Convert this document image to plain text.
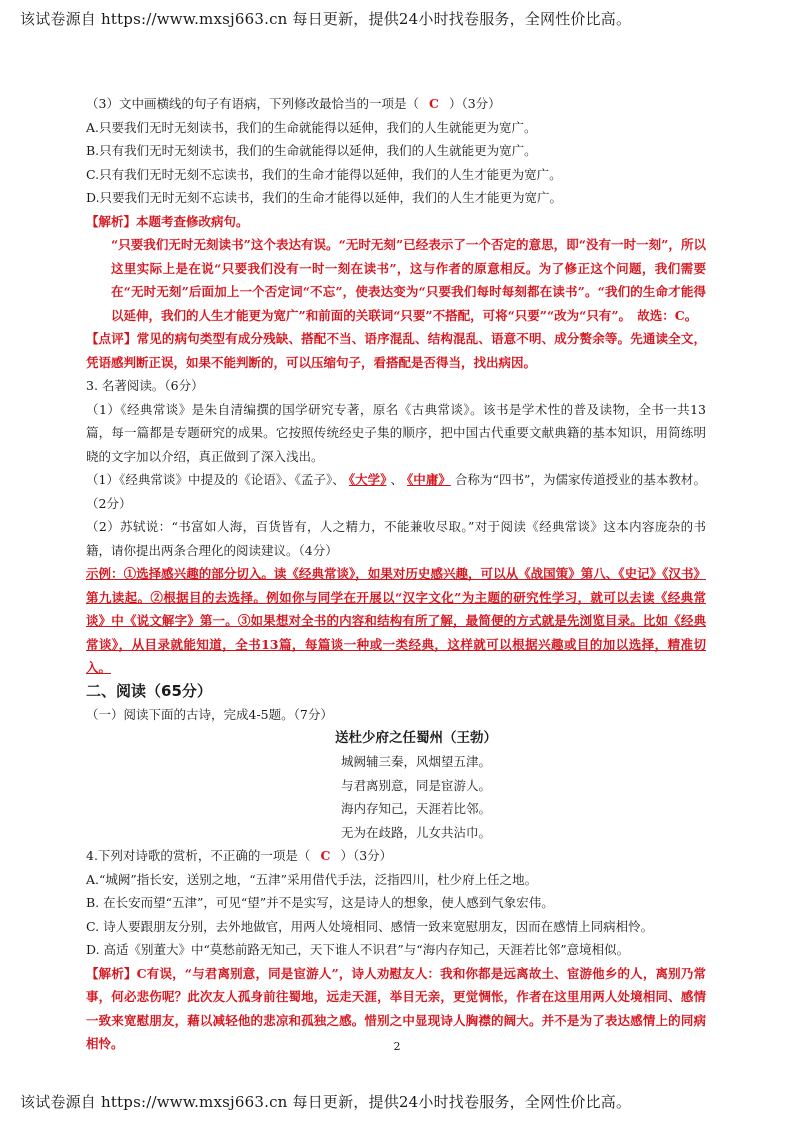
该试卷源自 https://www.mxsj663.cn 每日更新，提供24小时找卷服务，全网性价比高。
（3）文中画横线的句子有语病，下列修改最恰当的一项是（ C ）（3分）
A.只要我们无时无刻读书，我们的生命就能得以延伸，我们的人生就能更为宽广。
B.只有我们无时无刻读书，我们的生命就能得以延伸，我们的人生就能更为宽广。
C.只有我们无时无刻不忘读书，我们的生命才能得以延伸，我们的人生才能更为宽广。
D.只要我们无时无刻不忘读书，我们的生命才能得以延伸，我们的人生才能更为宽广。
【解析】本题考查修改病句。
“只要我们无时无刻读书”这个表达有误。“无时无刻”已经表示了一个否定的意思，即“没有一时一刻”，所以这里实际上是在说“只要我们没有一时一刻在读书”，这与作者的原意相反。为了修正这个问题，我们需要在“无时无刻”后面加上一个否定词“不忘”，使表达变为“只要我们每时每刻都在读书”。“我们的生命才能得以延伸，我们的人生才能更为宽广”和前面的关联词“只要”不搭配，可将“只要”“改为“只有”。　故选：C。
【点评】常见的病句类型有成分残缺、搭配不当、语序混乱、结构混乱、语意不明、成分赘余等。先通读全文，凭语感判断正误，如果不能判断的，可以压缩句子，看搭配是否得当，找出病因。
3. 名著阅读。（6分）
（1）《经典常谈》是朱自清编撰的国学研究专著，原名《古典常谈》。该书是学术性的普及读物，全书一共13篇，每一篇都是专题研究的成果。它按照传统经史子集的顺序，把中国古代重要文献典籍的基本知识，用简练明晓的文字加以介绍，真正做到了深入浅出。
（1）《经典常谈》中提及的《论语》、《孟子》、 《大学》 、 《中庸》 合称为“四书”，为儒家传道授业的基本教材。（2分）
（2）苏轼说：“书富如人海，百货皆有，人之精力，不能兼收尽取。”对于阅读《经典常谈》这本内容庞杂的书籍，请你提出两条合理化的阅读建议。（4分）
示例：①选择感兴趣的部分切入。读《经典常谈》，如果对历史感兴趣，可以从《战国策》第八、《史记》《汉书》第九读起。②根据目的去选择。例如你与同学在开展以“汉字文化”为主题的研究性学习，就可以去读《经典常谈》中《说文解字》第一。③如果想对全书的内容和结构有所了解，最简便的方式就是先浏览目录。比如《经典常谈》，从目录就能知道，全书13篇，每篇谈一种或一类经典，这样就可以根据兴趣或目的加以选择，精准切入。
二、阅读（65分）
（一）阅读下面的古诗，完成4-5题。（7分）
送杜少府之任蜀州（王勃）
城阙辅三秦，风烟望五津。
与君离别意，同是宦游人。
海内存知己，天涯若比邻。
无为在歧路，儿女共沾巾。
4.下列对诗歌的赏析，不正确的一项是（ C ）（3分）
A.“城阙”指长安，送别之地，“五津”采用借代手法，泛指四川，杜少府上任之地。
B. 在长安而望“五津”，可见“望”并不是实写，这是诗人的想象，使人感到气象宏伟。
C. 诗人要跟朋友分别，去外地做官，用两人处境相同、感情一致来宽慰朋友，因而在感情上同病相怜。
D. 高适《别董大》中“莫愁前路无知己，天下谁人不识君”与“海内存知己，天涯若比邻”意境相似。
【解析】C有误，“与君离别意，同是宦游人”，诗人劝慰友人：我和你都是远离故土、宦游他乡的人，离别乃常事，何必悲伤呢？此次友人孤身前往蜀地，远走天涯，举目无亲，更觉惆怅，作者在这里用两人处境相同、感情一致来宽慰朋友，藉以减轻他的悲凉和孤独之感。惜别之中显现诗人胸襟的阔大。并不是为了表达感情上的同病相怜。	2
该试卷源自 https://www.mxsj663.cn 每日更新，提供24小时找卷服务，全网性价比高。
